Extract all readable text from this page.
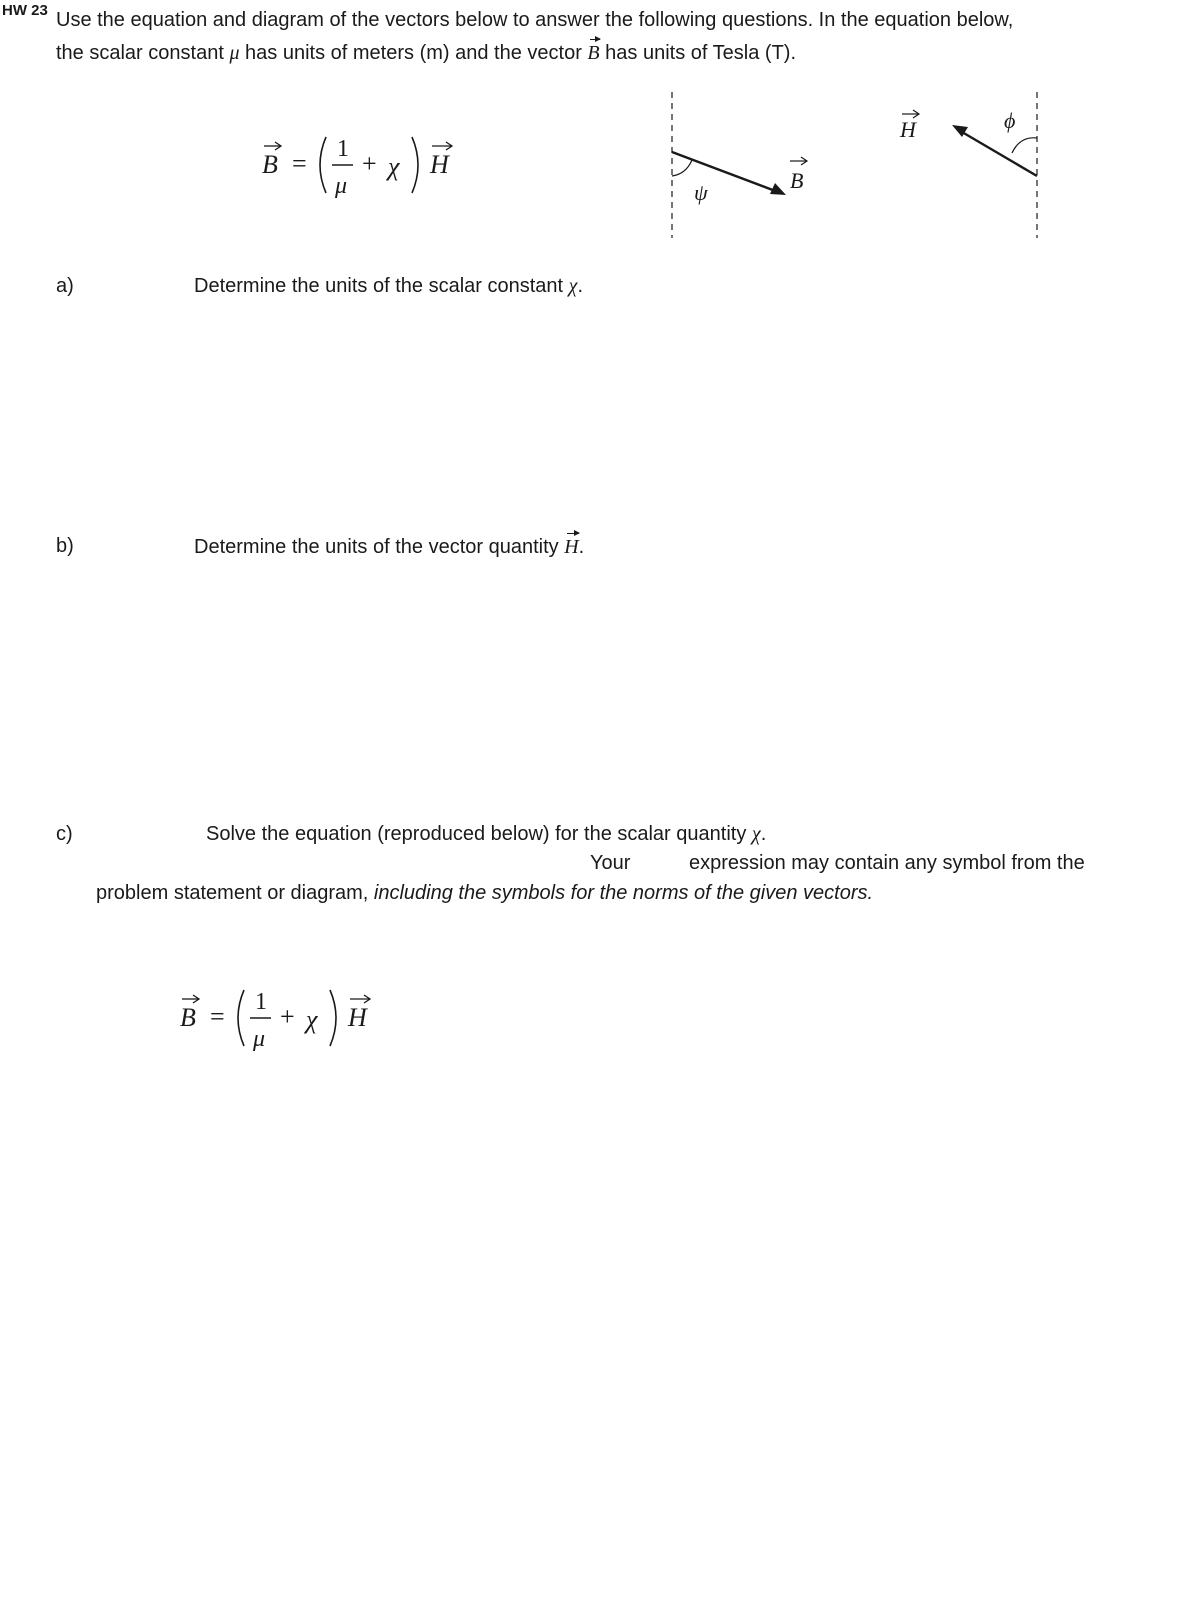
HW 23 Use the equation and diagram of the vectors below to answer the following questions. In the equation below,
the scalar constant μ has units of meters (m) and the vector B has units of Tesla (T).
B = 1
μ
+ χ H
ψ	B
ϕ
H
a)	Determine the units of the scalar constant χ.
b)	Determine the units of the vector quantity H.
c)	Solve the equation (reproduced below) for the scalar quantity χ.
Your	expression may contain any symbol from the
problem statement or diagram, including the symbols for the norms of the given vectors.
B = 1
μ
+ χ H
